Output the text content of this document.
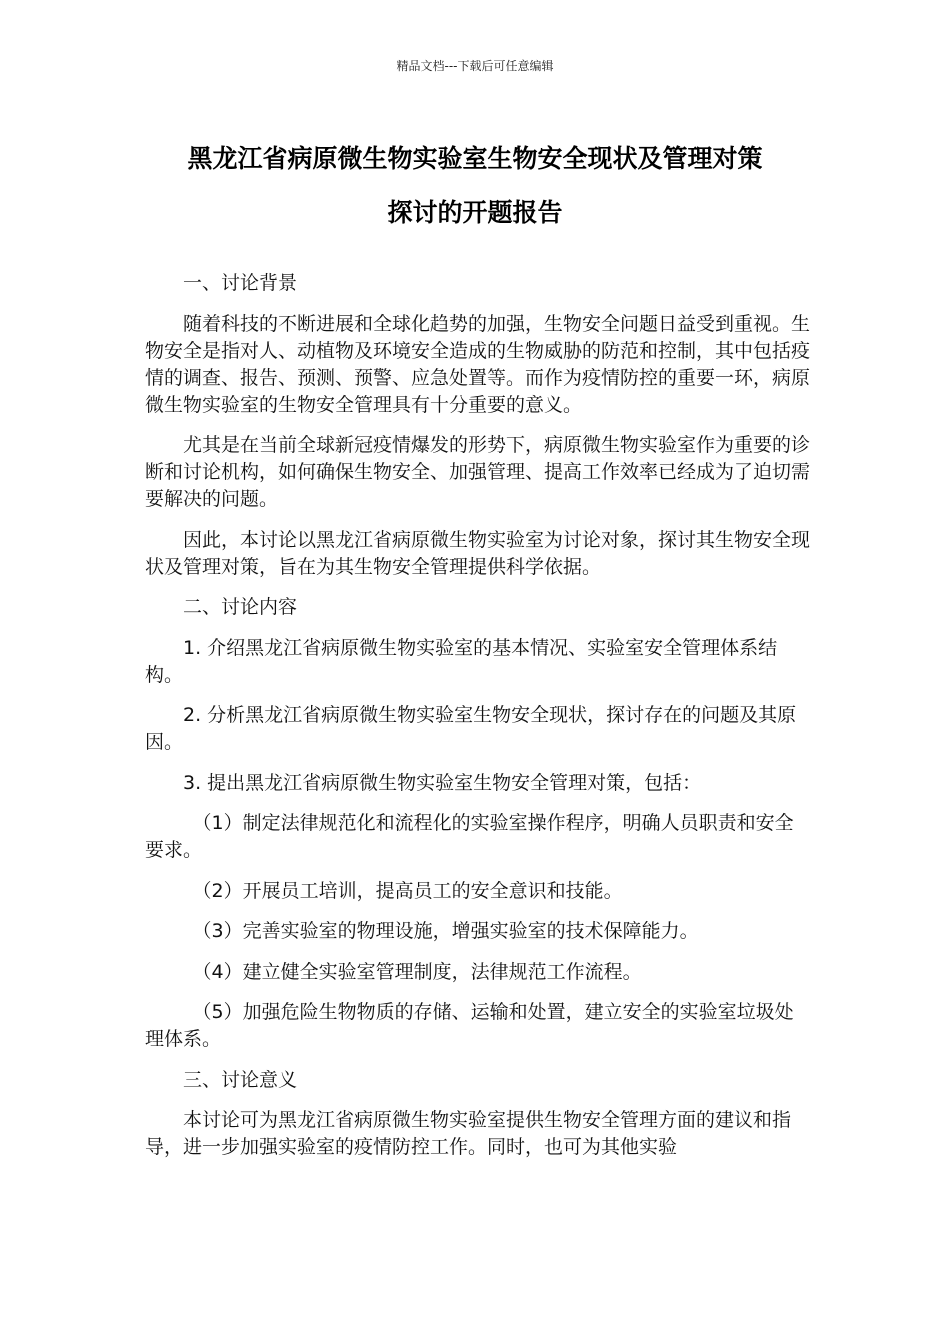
精品文档---下载后可任意编辑
黑龙江省病原微生物实验室生物安全现状及管理对策
探讨的开题报告

一、讨论背景

随着科技的不断进展和全球化趋势的加强，生物安全问题日益受到重视。生物安全是指对人、动植物及环境安全造成的生物威胁的防范和控制，其中包括疫情的调查、报告、预测、预警、应急处置等。而作为疫情防控的重要一环，病原微生物实验室的生物安全管理具有十分重要的意义。

尤其是在当前全球新冠疫情爆发的形势下，病原微生物实验室作为重要的诊断和讨论机构，如何确保生物安全、加强管理、提高工作效率已经成为了迫切需要解决的问题。

因此，本讨论以黑龙江省病原微生物实验室为讨论对象，探讨其生物安全现状及管理对策，旨在为其生物安全管理提供科学依据。

二、讨论内容

1. 介绍黑龙江省病原微生物实验室的基本情况、实验室安全管理体系结构。

2. 分析黑龙江省病原微生物实验室生物安全现状，探讨存在的问题及其原因。

3. 提出黑龙江省病原微生物实验室生物安全管理对策，包括：

（1）制定法律规范化和流程化的实验室操作程序，明确人员职责和安全要求。

（2）开展员工培训，提高员工的安全意识和技能。

（3）完善实验室的物理设施，增强实验室的技术保障能力。

（4）建立健全实验室管理制度，法律规范工作流程。

（5）加强危险生物物质的存储、运输和处置，建立安全的实验室垃圾处理体系。

三、讨论意义

本讨论可为黑龙江省病原微生物实验室提供生物安全管理方面的建议和指导，进一步加强实验室的疫情防控工作。同时，也可为其他实验
